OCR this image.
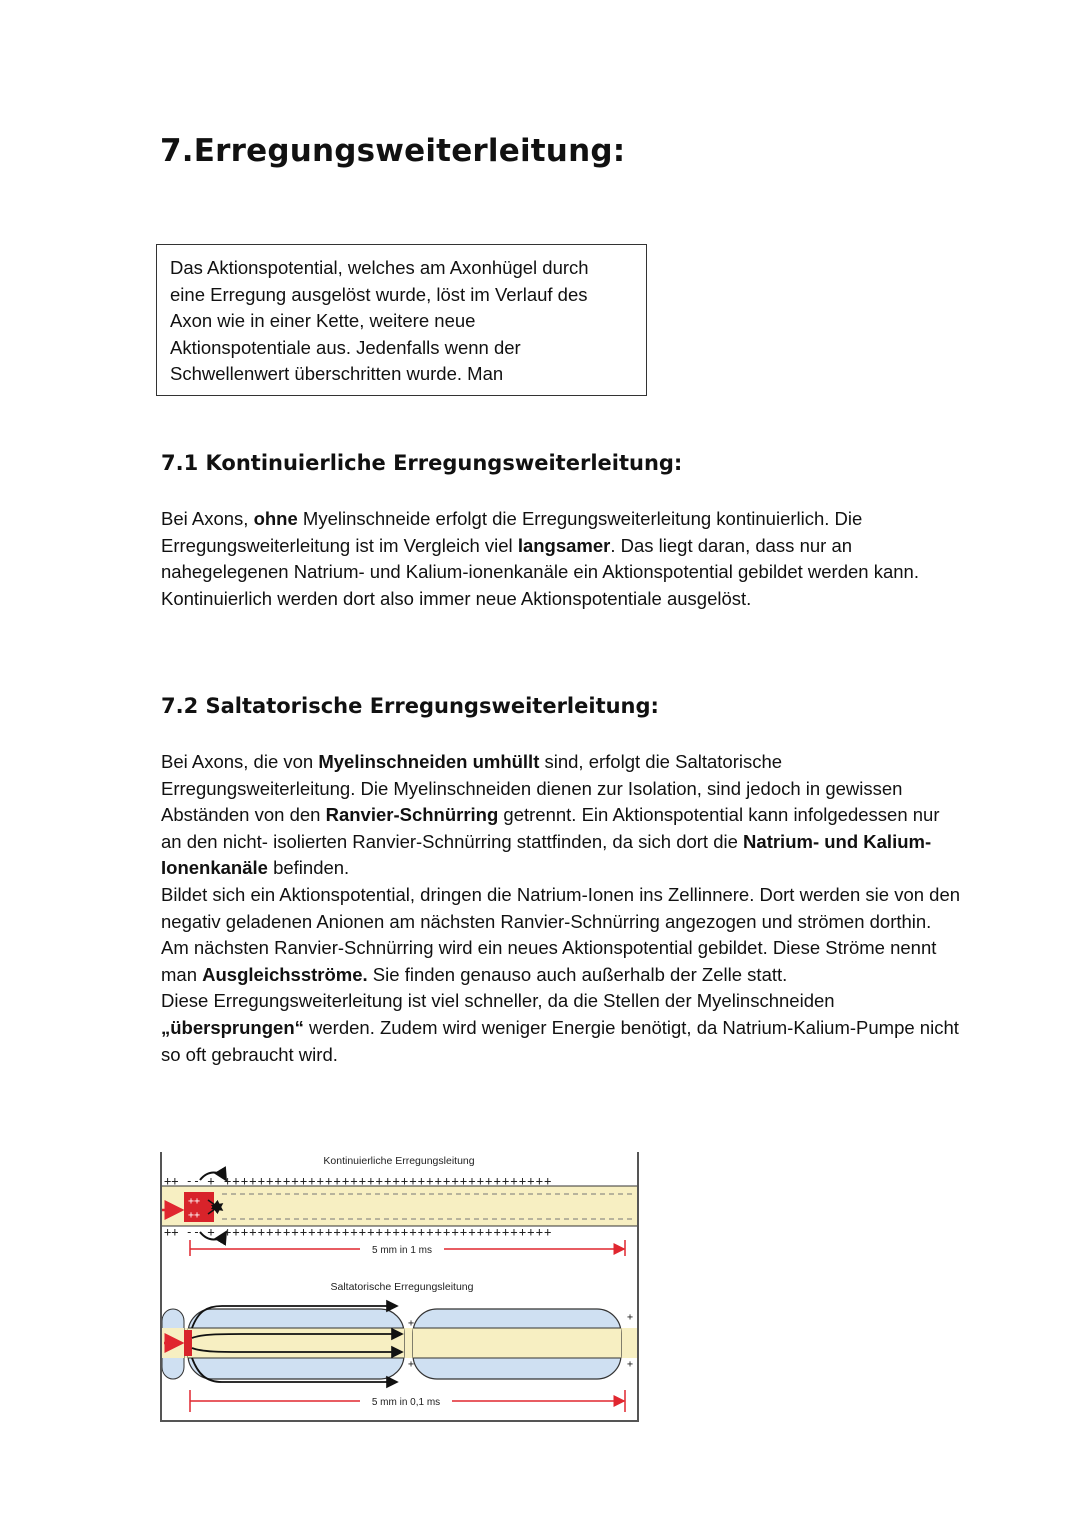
7.Erregungsweiterleitung:
Das Aktionspotential, welches am Axonhügel durch
eine Erregung ausgelöst wurde, löst im Verlauf des
Axon wie in einer Kette, weitere neue
Aktionspotentiale aus. Jedenfalls wenn der
Schwellenwert überschritten wurde. Man
7.1 Kontinuierliche Erregungsweiterleitung:

Bei Axons, ohne Myelinschneide erfolgt die Erregungsweiterleitung kontinuierlich. Die Erregungsweiterleitung ist im Vergleich viel langsamer. Das liegt daran, dass nur an nahegelegenen Natrium- und Kalium-ionenkanäle ein Aktionspotential gebildet werden kann. Kontinuierlich werden dort also immer neue Aktionspotentiale ausgelöst.

7.2 Saltatorische Erregungsweiterleitung:

Bei Axons, die von Myelinschneiden umhüllt sind, erfolgt die Saltatorische Erregungsweiterleitung. Die Myelinschneiden dienen zur Isolation, sind jedoch in gewissen Abständen von den Ranvier-Schnürring getrennt. Ein Aktionspotential kann infolgedessen nur an den nicht- isolierten Ranvier-Schnürring stattfinden, da sich dort die Natrium- und Kalium-Ionenkanäle befinden.

Bildet sich ein Aktionspotential, dringen die Natrium-Ionen ins Zellinnere. Dort werden sie von den negativ geladenen Anionen am nächsten Ranvier-Schnürring angezogen und strömen dorthin. Am nächsten Ranvier-Schnürring wird ein neues Aktionspotential gebildet. Diese Ströme nennt man Ausgleichsströme. Sie finden genauso auch außerhalb der Zelle statt.

Diese Erregungsweiterleitung ist viel schneller, da die Stellen der Myelinschneiden „übersprungen“ werden. Zudem wird weniger Energie benötigt, da Natrium-Kalium-Pumpe nicht so oft gebraucht wird.

+++++++++++++++++++++++++++++++++++++++
+++++++++++++++++++++++++++++++++++++++
++ -- +
++ -- +
++
++
Kontinuierliche Erregungsleitung
5 mm in 1 ms
Saltatorische Erregungsleitung
+
+
+
+
5 mm in 0,1 ms
